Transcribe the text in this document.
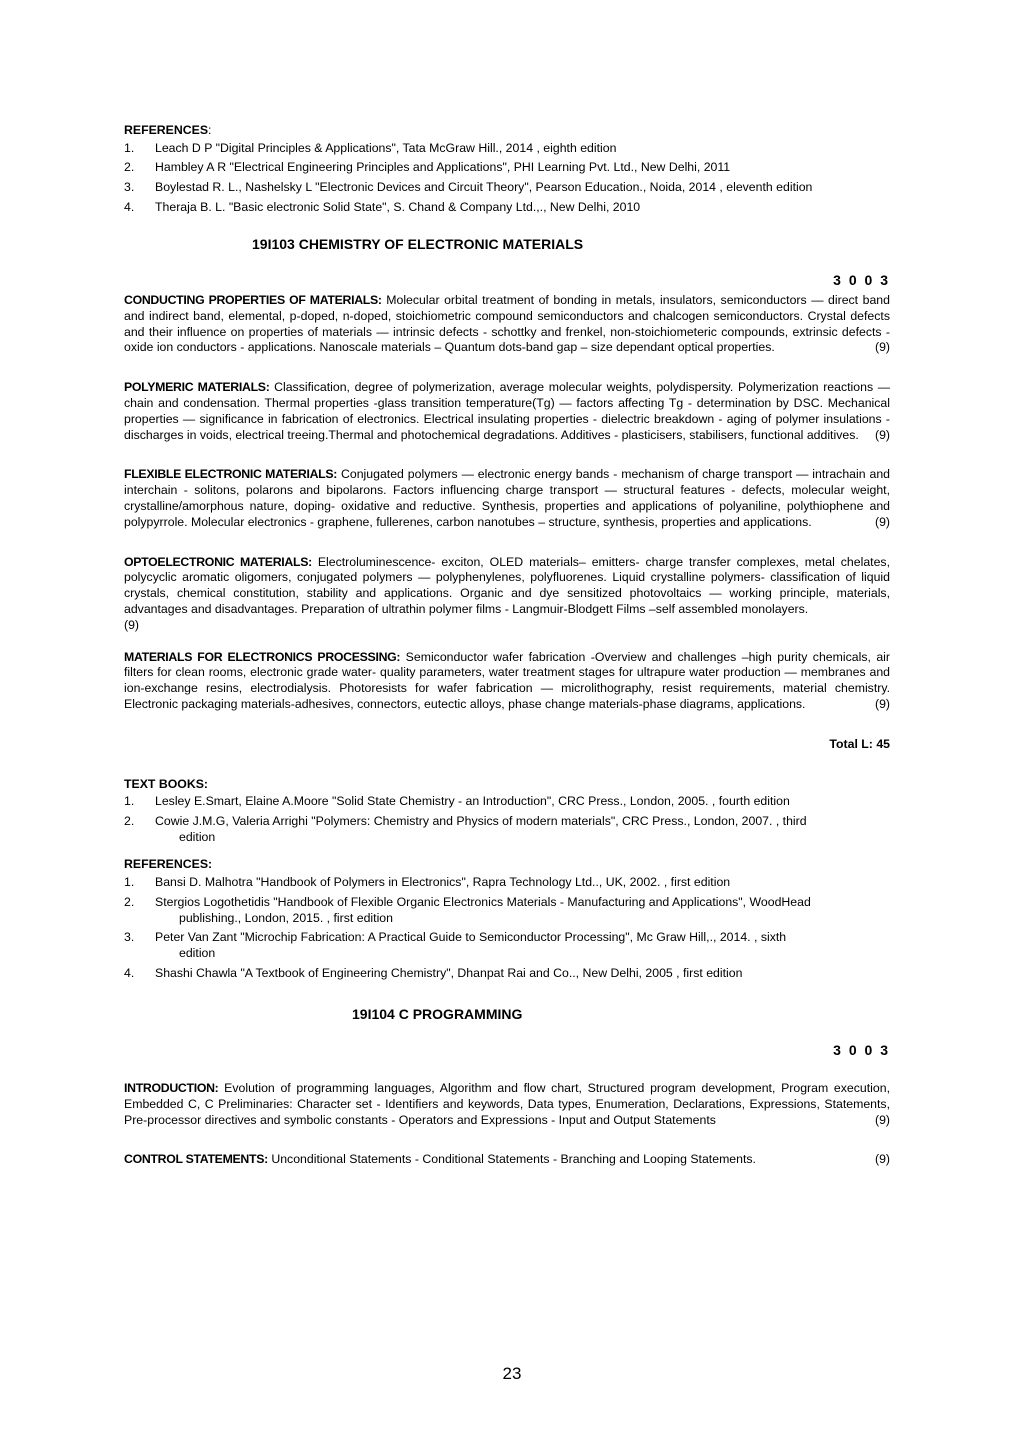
REFERENCES:

1. Leach D P "Digital Principles & Applications", Tata McGraw Hill., 2014 , eighth edition
2. Hambley A R "Electrical Engineering Principles and Applications", PHI Learning Pvt. Ltd., New Delhi, 2011
3. Boylestad R. L., Nashelsky L "Electronic Devices and Circuit Theory", Pearson Education., Noida, 2014 , eleventh edition
4. Theraja B. L. "Basic electronic Solid State", S. Chand & Company Ltd.,., New Delhi, 2010

19I103 CHEMISTRY OF ELECTRONIC MATERIALS

3 0 0 3

CONDUCTING PROPERTIES OF MATERIALS: Molecular orbital treatment of bonding in metals, insulators, semiconductors — direct band and indirect band, elemental, p-doped, n-doped, stoichiometric compound semiconductors and chalcogen semiconductors. Crystal defects and their influence on properties of materials — intrinsic defects - schottky and frenkel, non-stoichiometeric compounds, extrinsic defects - oxide ion conductors - applications. Nanoscale materials – Quantum dots-band gap – size dependant optical properties.	(9)

POLYMERIC MATERIALS: Classification, degree of polymerization, average molecular weights, polydispersity. Polymerization reactions — chain and condensation. Thermal properties -glass transition temperature(Tg) — factors affecting Tg - determination by DSC. Mechanical properties — significance in fabrication of electronics. Electrical insulating properties - dielectric breakdown - aging of polymer insulations - discharges in voids, electrical treeing.Thermal and photochemical degradations. Additives - plasticisers, stabilisers, functional additives. (9)

FLEXIBLE ELECTRONIC MATERIALS: Conjugated polymers — electronic energy bands - mechanism of charge transport — intrachain and interchain - solitons, polarons and bipolarons. Factors influencing charge transport — structural features - defects, molecular weight, crystalline/amorphous nature, doping- oxidative and reductive. Synthesis, properties and applications of polyaniline, polythiophene and polypyrrole. Molecular electronics - graphene, fullerenes, carbon nanotubes – structure, synthesis, properties and applications.	(9)

OPTOELECTRONIC MATERIALS: Electroluminescence- exciton, OLED materials– emitters- charge transfer complexes, metal chelates, polycyclic aromatic oligomers, conjugated polymers — polyphenylenes, polyfluorenes. Liquid crystalline polymers- classification of liquid crystals, chemical constitution, stability and applications. Organic and dye sensitized photovoltaics — working principle, materials, advantages and disadvantages. Preparation of ultrathin polymer films - Langmuir-Blodgett Films –self assembled monolayers.
(9)

MATERIALS FOR ELECTRONICS PROCESSING: Semiconductor wafer fabrication -Overview and challenges –high purity chemicals, air filters for clean rooms, electronic grade water- quality parameters, water treatment stages for ultrapure water production — membranes and ion-exchange resins, electrodialysis. Photoresists for wafer fabrication — microlithography, resist requirements, material chemistry. Electronic packaging materials-adhesives, connectors, eutectic alloys, phase change materials-phase diagrams, applications.	(9)

Total L: 45

TEXT BOOKS:

1. Lesley E.Smart, Elaine A.Moore "Solid State Chemistry - an Introduction", CRC Press., London, 2005. , fourth edition
2. Cowie J.M.G, Valeria Arrighi "Polymers: Chemistry and Physics of modern materials", CRC Press., London, 2007. , third
edition

REFERENCES:

1. Bansi D. Malhotra "Handbook of Polymers in Electronics", Rapra Technology Ltd.., UK, 2002. , first edition
2. Stergios Logothetidis "Handbook of Flexible Organic Electronics Materials - Manufacturing and Applications", WoodHead
publishing., London, 2015. , first edition
3. Peter Van Zant "Microchip Fabrication: A Practical Guide to Semiconductor Processing", Mc Graw Hill,., 2014. , sixth
edition
4. Shashi Chawla "A Textbook of Engineering Chemistry", Dhanpat Rai and Co.., New Delhi, 2005 , first edition

19I104 C PROGRAMMING

3 0 0 3

INTRODUCTION: Evolution of programming languages, Algorithm and flow chart, Structured program development, Program execution, Embedded C, C Preliminaries: Character set - Identifiers and keywords, Data types, Enumeration, Declarations, Expressions, Statements, Pre-processor directives and symbolic constants - Operators and Expressions - Input and Output Statements	(9)

CONTROL STATEMENTS: Unconditional Statements - Conditional Statements - Branching and Looping Statements.	(9)

23
